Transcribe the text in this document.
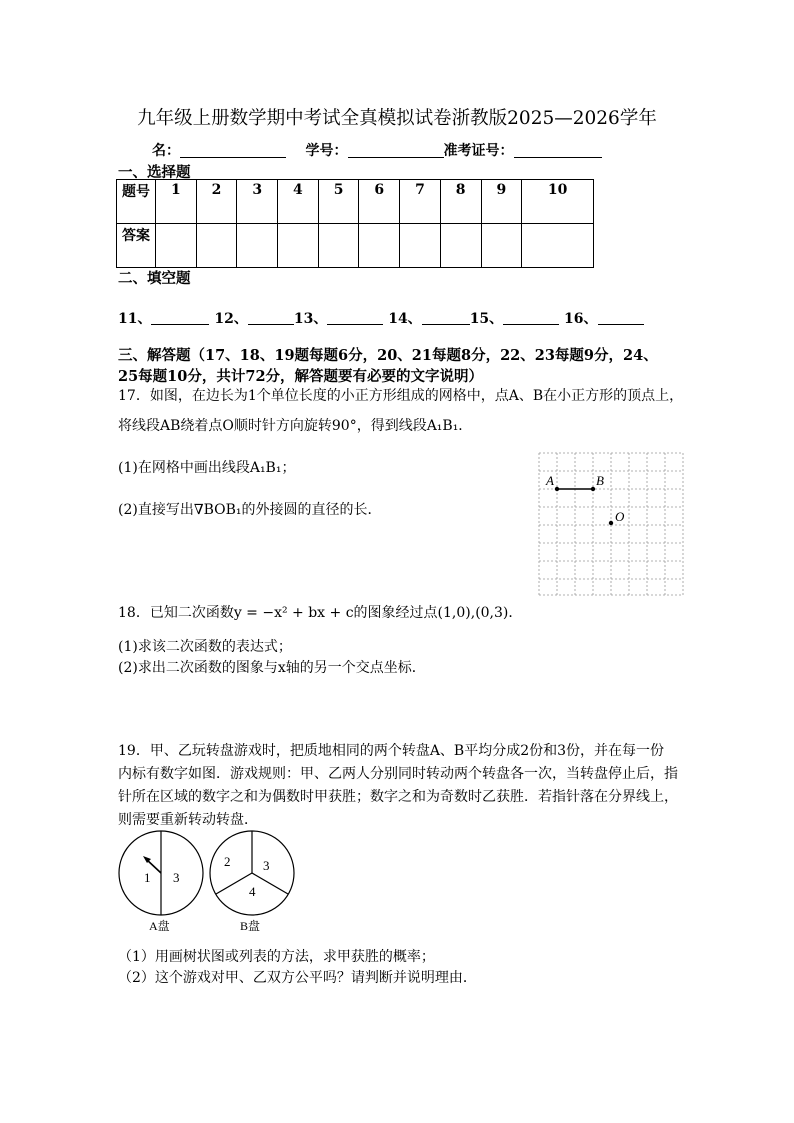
九年级上册数学期中考试全真模拟试卷浙教版2025—2026学年
名：	学号：	准考证号：
一、选择题
题号	1	2	3	4	5	6	7	8	9	10
答案										
二、填空题
11、	12、	13、	14、	15、	16、
三、解答题（17、18、19题每题6分，20、21每题8分，22、23每题9分，24、
25每题10分，共计72分，解答题要有必要的文字说明）
17．如图，在边长为1个单位长度的小正方形组成的网格中，点A、B在小正方形的顶点上，
将线段AB绕着点O顺时针方向旋转90°，得到线段A₁B₁．
(1)在网格中画出线段A₁B₁；
(2)直接写出∇BOB₁的外接圆的直径的长．
A	B
O
18．已知二次函数y = −x² + bx + c的图象经过点(1,0),(0,3)．
(1)求该二次函数的表达式；
(2)求出二次函数的图象与x轴的另一个交点坐标．
19．甲、乙玩转盘游戏时，把质地相同的两个转盘A、B平均分成2份和3份，并在每一份
内标有数字如图．游戏规则：甲、乙两人分别同时转动两个转盘各一次，当转盘停止后，指
针所在区域的数字之和为偶数时甲获胜；数字之和为奇数时乙获胜．若指针落在分界线上，
则需要重新转动转盘．
1 3
A盘
2	3
4
B盘
（1）用画树状图或列表的方法，求甲获胜的概率；
（2）这个游戏对甲、乙双方公平吗？请判断并说明理由．
